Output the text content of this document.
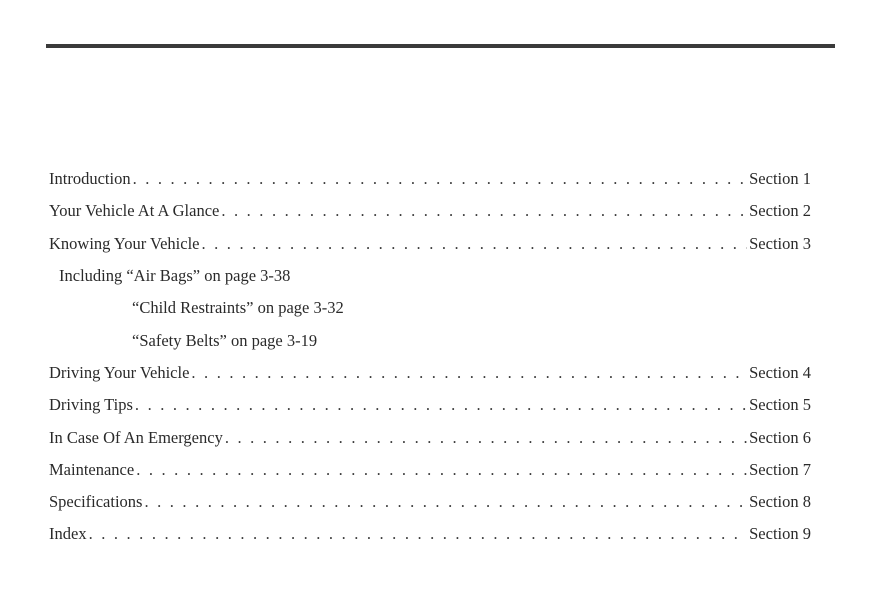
Introduction . . .	Section 1
Your Vehicle At A Glance . . .	Section 2
Knowing Your Vehicle . . .	Section 3
Including “Air Bags” on page 3-38
“Child Restraints” on page 3-32
“Safety Belts” on page 3-19
Driving Your Vehicle . . .	Section 4
Driving Tips . . .	Section 5
In Case Of An Emergency . . .	Section 6
Maintenance . . .	Section 7
Specifications . . .	Section 8
Index . . .	Section 9
